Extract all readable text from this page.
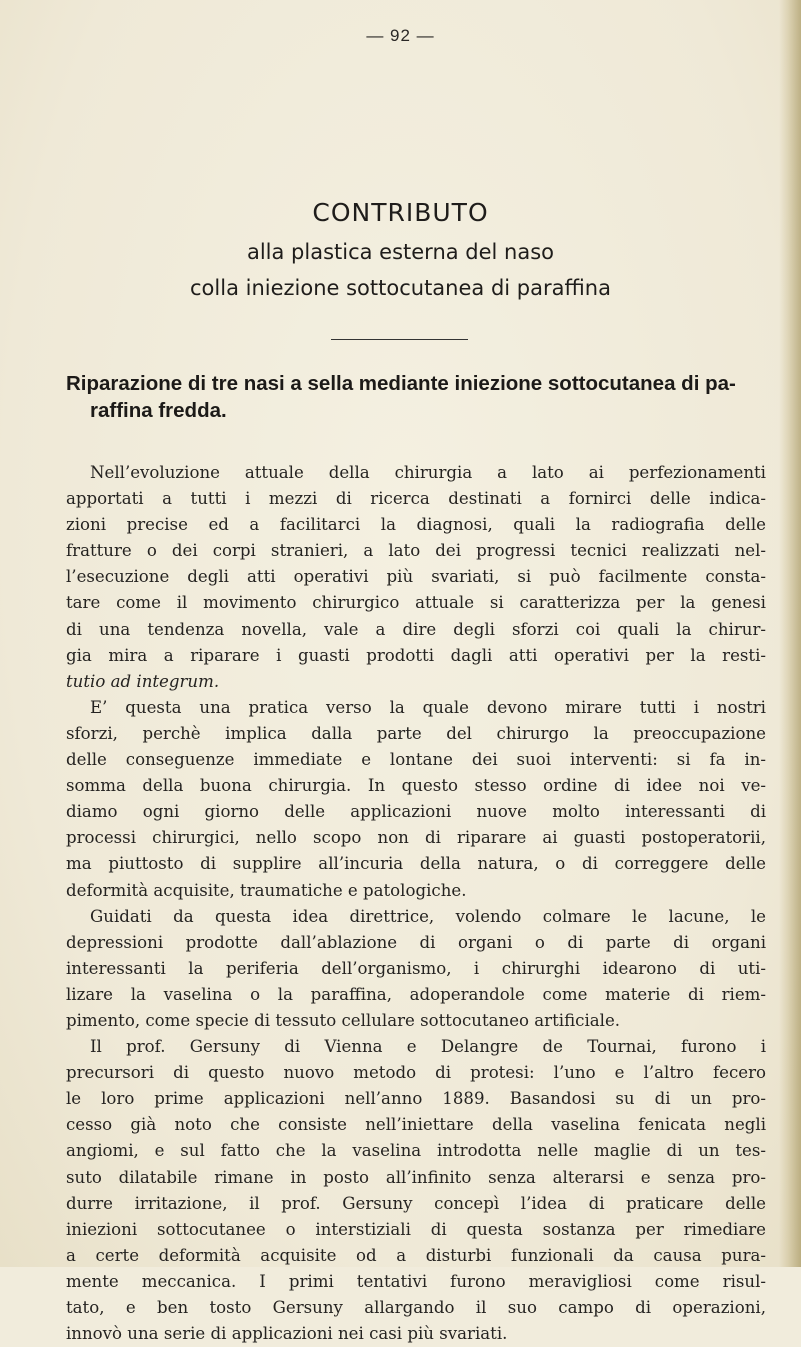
— 92 —
CONTRIBUTO
alla plastica esterna del naso
colla iniezione sottocutanea di paraffina
Riparazione di tre nasi a sella mediante iniezione sottocutanea di pa-
raffina fredda.
Nell’evoluzione attuale della chirurgia a lato ai perfezionamenti
apportati a tutti i mezzi di ricerca destinati a fornirci delle indica-
zioni precise ed a facilitarci la diagnosi, quali la radiografia delle
fratture o dei corpi stranieri, a lato dei progressi tecnici realizzati nel-
l’esecuzione degli atti operativi più svariati, si può facilmente consta-
tare come il movimento chirurgico attuale si caratterizza per la genesi
di una tendenza novella, vale a dire degli sforzi coi quali la chirur-
gia mira a riparare i guasti prodotti dagli atti operativi per la resti-
tutio ad integrum.
E’ questa una pratica verso la quale devono mirare tutti i nostri
sforzi, perchè implica dalla parte del chirurgo la preoccupazione
delle conseguenze immediate e lontane dei suoi interventi: si fa in-
somma della buona chirurgia. In questo stesso ordine di idee noi ve-
diamo ogni giorno delle applicazioni nuove molto interessanti di
processi chirurgici, nello scopo non di riparare ai guasti postoperatorii,
ma piuttosto di supplire all’incuria della natura, o di correggere delle
deformità acquisite, traumatiche e patologiche.
Guidati da questa idea direttrice, volendo colmare le lacune, le
depressioni prodotte dall’ablazione di organi o di parte di organi
interessanti la periferia dell’organismo, i chirurghi idearono di uti-
lizare la vaselina o la paraffina, adoperandole come materie di riem-
pimento, come specie di tessuto cellulare sottocutaneo artificiale.
Il prof. Gersuny di Vienna e Delangre de Tournai, furono i
precursori di questo nuovo metodo di protesi: l’uno e l’altro fecero
le loro prime applicazioni nell’anno 1889. Basandosi su di un pro-
cesso già noto che consiste nell’iniettare della vaselina fenicata negli
angiomi, e sul fatto che la vaselina introdotta nelle maglie di un tes-
suto dilatabile rimane in posto all’infinito senza alterarsi e senza pro-
durre irritazione, il prof. Gersuny concepì l’idea di praticare delle
iniezioni sottocutanee o interstiziali di questa sostanza per rimediare
a certe deformità acquisite od a disturbi funzionali da causa pura-
mente meccanica. I primi tentativi furono meravigliosi come risul-
tato, e ben tosto Gersuny allargando il suo campo di operazioni,
innovò una serie di applicazioni nei casi più svariati.
